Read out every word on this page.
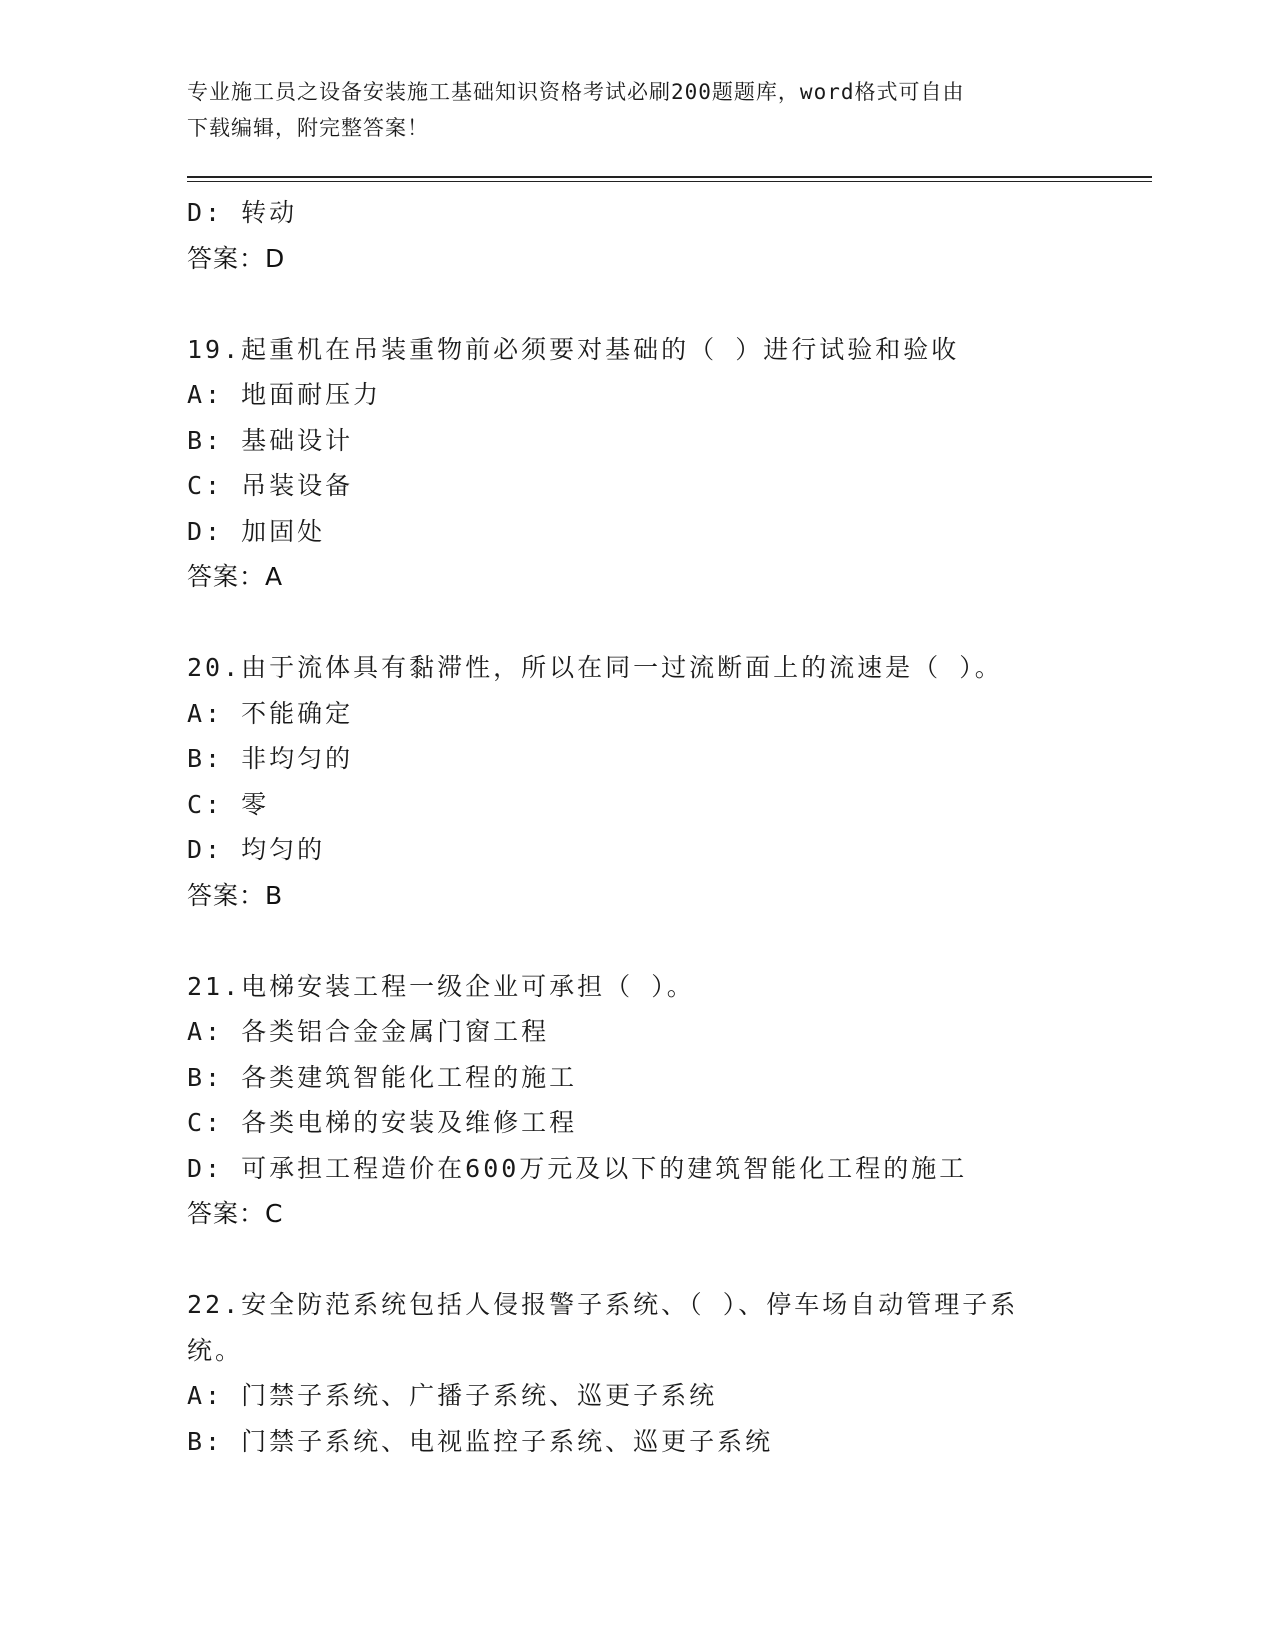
专业施工员之设备安装施工基础知识资格考试必刷200题题库，word格式可自由
下载编辑，附完整答案！
D: 转动
答案：D
19.起重机在吊装重物前必须要对基础的（ ）进行试验和验收
A: 地面耐压力
B: 基础设计
C: 吊装设备
D: 加固处
答案：A
20.由于流体具有黏滞性，所以在同一过流断面上的流速是（ ）。
A: 不能确定
B: 非均匀的
C: 零
D: 均匀的
答案：B
21.电梯安装工程一级企业可承担（ ）。
A: 各类铝合金金属门窗工程
B: 各类建筑智能化工程的施工
C: 各类电梯的安装及维修工程
D: 可承担工程造价在600万元及以下的建筑智能化工程的施工
答案：C
22.安全防范系统包括人侵报警子系统、（ ）、停车场自动管理子系
统。
A: 门禁子系统、广播子系统、巡更子系统
B: 门禁子系统、电视监控子系统、巡更子系统
